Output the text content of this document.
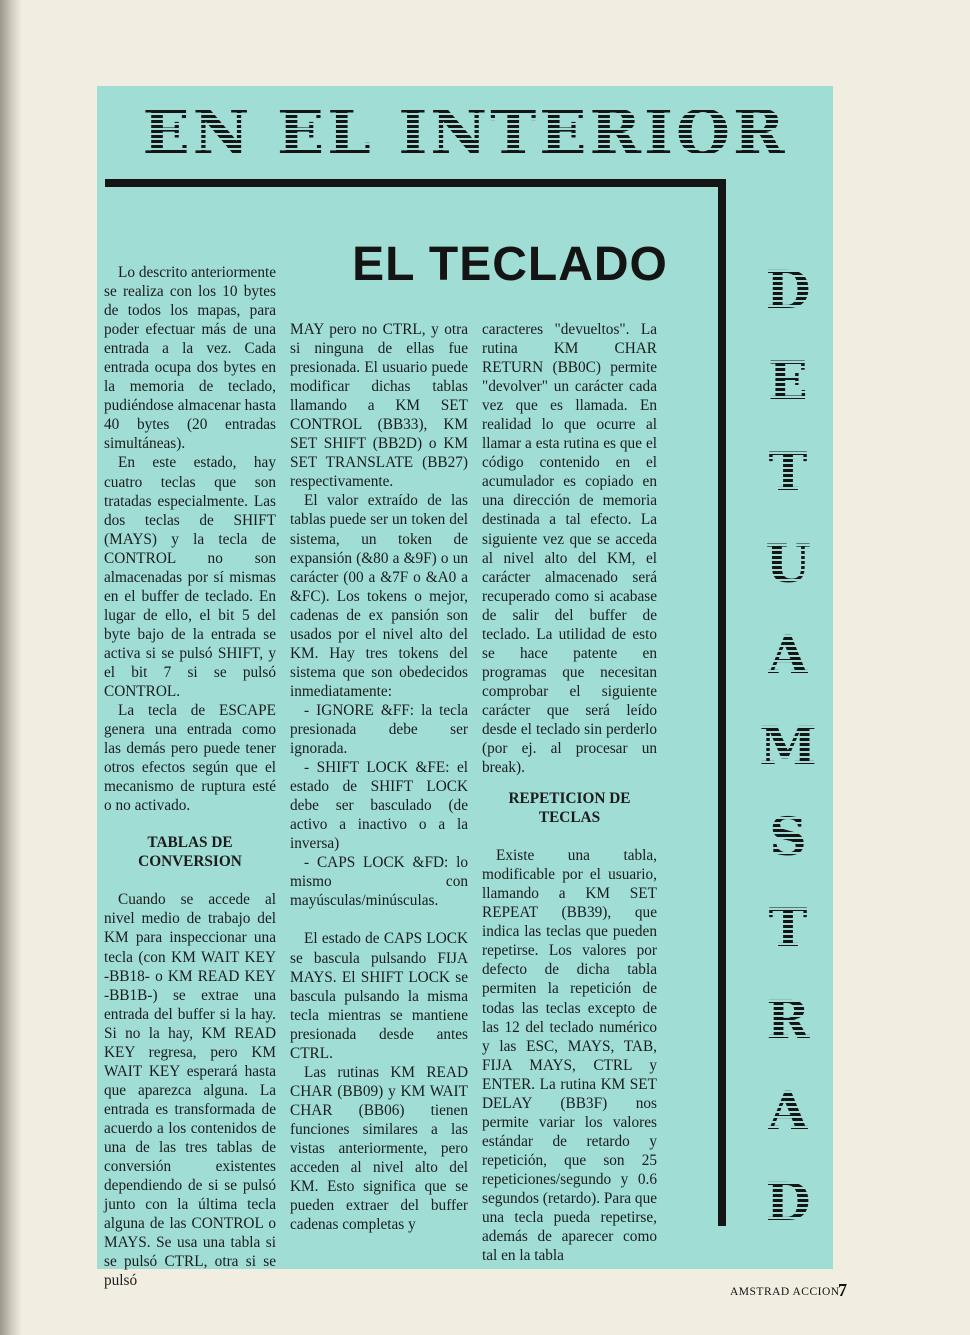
EN EL INTERIOR
EL TECLADO	D
E
T
U
A
M
S
T
R
A
D

Lo descrito anteriormente se realiza con los 10 bytes de todos los mapas, para poder efectuar más de una entrada a la vez. Cada entrada ocupa dos bytes en la memoria de teclado, pudiéndose almacenar hasta 40 bytes (20 entradas simultáneas).

En este estado, hay cuatro teclas que son tratadas especialmente. Las dos teclas de SHIFT (MAYS) y la tecla de CONTROL no son almacenadas por sí mismas en el buffer de teclado. En lugar de ello, el bit 5 del byte bajo de la entrada se activa si se pulsó SHIFT, y el bit 7 si se pulsó CONTROL.

La tecla de ESCAPE genera una entrada como las demás pero puede tener otros efectos según que el mecanismo de ruptura esté o no activado.

TABLAS DE CONVERSION

Cuando se accede al nivel medio de trabajo del KM para inspeccionar una tecla (con KM WAIT KEY -BB18- o KM READ KEY -BB1B-) se extrae una entrada del buffer si la hay. Si no la hay, KM READ KEY regresa, pero KM WAIT KEY esperará hasta que aparezca alguna. La entrada es transformada de acuerdo a los contenidos de una de las tres tablas de conversión existentes dependiendo de si se pulsó junto con la última tecla alguna de las CONTROL o MAYS. Se usa una tabla si se pulsó CTRL, otra si se pulsó

MAY pero no CTRL, y otra si ninguna de ellas fue presionada. El usuario puede modificar dichas tablas llamando a KM SET CONTROL (BB33), KM SET SHIFT (BB2D) o KM SET TRANSLATE (BB27) respectivamente.

El valor extraído de las tablas puede ser un token del sistema, un token de expansión (&80 a &9F) o un carácter (00 a &7F o &A0 a &FC). Los tokens o mejor, cadenas de ex pansión son usados por el nivel alto del KM. Hay tres tokens del sistema que son obedecidos inmediatamente:

- IGNORE &FF: la tecla presionada debe ser ignorada.

- SHIFT LOCK &FE: el estado de SHIFT LOCK debe ser basculado (de activo a inactivo o a la inversa)

- CAPS LOCK &FD: lo mismo con mayúsculas/minúsculas.

El estado de CAPS LOCK se bascula pulsando FIJA MAYS. El SHIFT LOCK se bascula pulsando la misma tecla mientras se mantiene presionada desde antes CTRL.

Las rutinas KM READ CHAR (BB09) y KM WAIT CHAR (BB06) tienen funciones similares a las vistas anteriormente, pero acceden al nivel alto del KM. Esto significa que se pueden extraer del buffer cadenas completas y

caracteres "devueltos". La rutina KM CHAR RETURN (BB0C) permite "devolver" un carácter cada vez que es llamada. En realidad lo que ocurre al llamar a esta rutina es que el código contenido en el acumulador es copiado en una dirección de memoria destinada a tal efecto. La siguiente vez que se acceda al nivel alto del KM, el carácter almacenado será recuperado como si acabase de salir del buffer de teclado. La utilidad de esto se hace patente en programas que necesitan comprobar el siguiente carácter que será leído desde el teclado sin perderlo (por ej. al procesar un break).

REPETICION DE TECLAS

Existe una tabla, modificable por el usuario, llamando a KM SET REPEAT (BB39), que indica las teclas que pueden repetirse. Los valores por defecto de dicha tabla permiten la repetición de todas las teclas excepto de las 12 del teclado numérico y las ESC, MAYS, TAB, FIJA MAYS, CTRL y ENTER. La rutina KM SET DELAY (BB3F) nos permite variar los valores estándar de retardo y repetición, que son 25 repeticiones/segundo y 0.6 segundos (retardo). Para que una tecla pueda repetirse, además de aparecer como tal en la tabla

AMSTRAD ACCION
7
